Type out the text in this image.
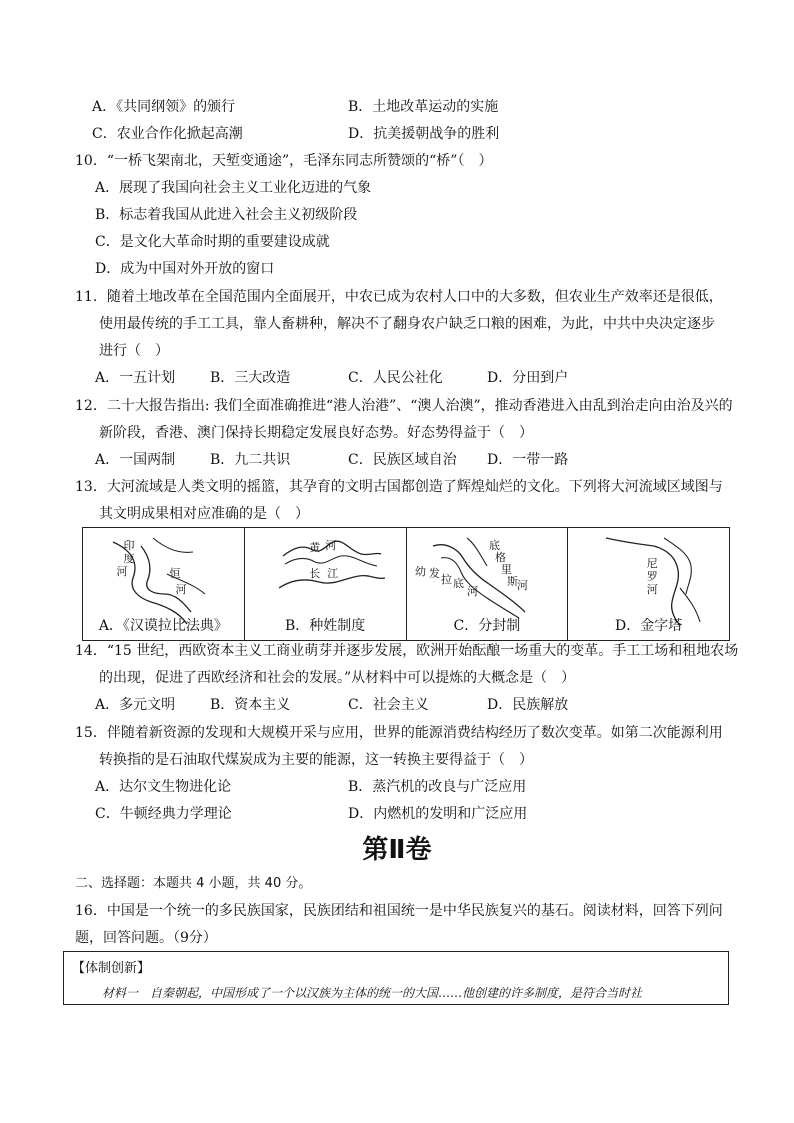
A．《共同纲领》的颁行	B．土地改革运动的实施
C．农业合作化掀起高潮	D．抗美援朝战争的胜利
10．“一桥飞架南北，天堑变通途”，毛泽东同志所赞颂的“桥”（　）
A．展现了我国向社会主义工业化迈进的气象
B．标志着我国从此进入社会主义初级阶段
C．是文化大革命时期的重要建设成就
D．成为中国对外开放的窗口
11．随着土地改革在全国范围内全面展开，中农已成为农村人口中的大多数，但农业生产效率还是很低，
使用最传统的手工工具，靠人畜耕种，解决不了翻身农户缺乏口粮的困难，为此，中共中央决定逐步
进行（　）
A．一五计划 B．三大改造	C．人民公社化	D．分田到户
12．二十大报告指出: 我们全面准确推进“港人治港”、“澳人治澳”，推动香港进入由乱到治走向由治及兴的
新阶段，香港、澳门保持长期稳定发展良好态势。好态势得益于（　）
A．一国两制 B．九二共识	C．民族区域自治 D．一带一路
13．大河流域是人类文明的摇篮，其孕育的文明古国都创造了辉煌灿烂的文化。下列将大河流域区域图与
其文明成果相对应准确的是（　）
印
度
河	恒
河
A．《汉谟拉比法典》

黄 河
长 江
B．种姓制度

底
格
里
斯 河
幼 发 拉 底
河
C．分封制

尼
罗
河
D．金字塔
14．“15 世纪，西欧资本主义工商业萌芽并逐步发展，欧洲开始酝酿一场重大的变革。手工工场和租地农场
的出现，促进了西欧经济和社会的发展。”从材料中可以提炼的大概念是（　）
A．多元文明 B．资本主义	C．社会主义	D．民族解放
15．伴随着新资源的发现和大规模开采与应用，世界的能源消费结构经历了数次变革。如第二次能源利用
转换指的是石油取代煤炭成为主要的能源，这一转换主要得益于（　）
A．达尔文生物进化论	B．蒸汽机的改良与广泛应用
C．牛顿经典力学理论	D．内燃机的发明和广泛应用
第Ⅱ卷
二、选择题：本题共 4 小题，共 40 分。
16．中国是一个统一的多民族国家，民族团结和祖国统一是中华民族复兴的基石。阅读材料，回答下列问
题，回答问题。（9分）
【体制创新】
材料一　自秦朝起，中国形成了一个以汉族为主体的统一的大国……他创建的许多制度，是符合当时社
